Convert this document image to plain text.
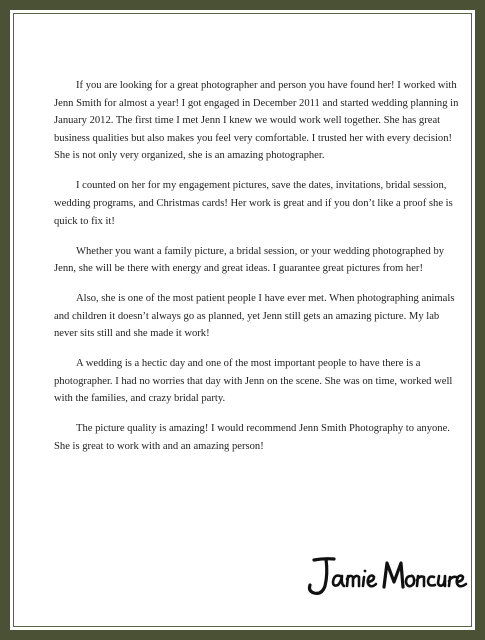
If you are looking for a great photographer and person you have found her! I worked with Jenn Smith for almost a year! I got engaged in December 2011 and started wedding planning in January 2012. The first time I met Jenn I knew we would work well together. She has great business qualities but also makes you feel very comfortable. I trusted her with every decision! She is not only very organized, she is an amazing photographer.

I counted on her for my engagement pictures, save the dates, invitations, bridal session, wedding programs, and Christmas cards! Her work is great and if you don’t like a proof she is quick to fix it!

Whether you want a family picture, a bridal session, or your wedding photographed by Jenn, she will be there with energy and great ideas. I guarantee great pictures from her!

Also, she is one of the most patient people I have ever met. When photographing animals and children it doesn’t always go as planned, yet Jenn still gets an amazing picture. My lab never sits still and she made it work!

A wedding is a hectic day and one of the most important people to have there is a photographer. I had no worries that day with Jenn on the scene. She was on time, worked well with the families, and crazy bridal party.

The picture quality is amazing! I would recommend Jenn Smith Photography to anyone. She is great to work with and an amazing person!
